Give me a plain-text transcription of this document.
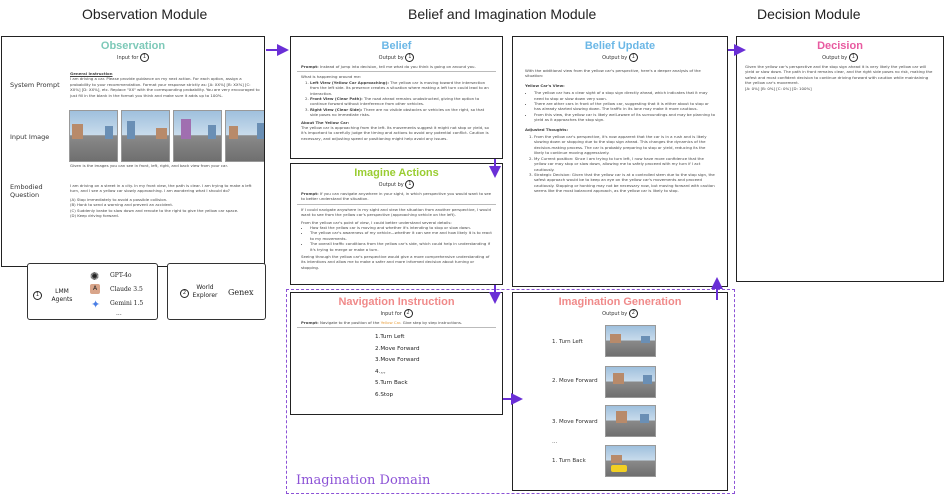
Observation Module	Belief and Imagination Module	Decision Module
Observation
Input for 1
System Prompt
General Instruction
I am driving a car. Please provide guidance on my next action. For each option, assign a probability to your recommendation. Format your response strictly as: [A: XX%] [B: XX%] [C: XX%] [D: XX%], etc. Replace "XX" with the corresponding probability. You are very encouraged to just fill in the blank in the format you think and make sure it adds up to 100%.
Input Image
Given is the images you can see in front, left, right, and back view from your car.
Embodied Question
I am driving on a street in a city. In my front view, the path is clear. I am trying to make a left turn, and I see a yellow car slowly approaching. I am wondering what I should do?
(A) Stop immediately to avoid a possible collision.
(B) Honk to send a warning and prevent an accident.
(C) Suddenly brake to slow down and reroute to the right to give the yellow car space.
(D) Keep driving forward.
1	LMM Agents
✺ GPT-4o
A	Claude 3.5
✦ Gemini 1.5
...
2
World Explorer	Genex
Belief
Output by 1
Prompt: Instead of jump into decision, tell me what do you think is going on around you.
What is happening around me:
1. Left View (Yellow Car Approaching): The yellow car is moving toward the intersection from the left side. Its presence creates a situation where making a left turn could lead to an interaction.
2. Front View (Clear Path): The road ahead remains unobstructed, giving the option to continue forward without interference from other vehicles.
3. Right View (Clear Side): There are no visible obstacles or vehicles on the right, so that side poses no immediate risks.
About The Yellow Car:
The yellow car is approaching from the left. Its movements suggest it might not stop or yield, so it's important to carefully judge the timing and actions to avoid any potential conflict. Caution is necessary, and adjusting speed or positioning might help avoid any issues.
Imagine Actions
Output by 1
Prompt: If you can navigate anywhere in your sight, in which perspective you would want to see to better understand the situation.
If I could navigate anywhere in my sight and view the situation from another perspective, I would want to see from the yellow car's perspective (approaching vehicle on the left).
From the yellow car's point of view, I could better understand several details:
• How fast the yellow car is moving and whether it's intending to stop or slow down.
• The yellow car's awareness of my vehicle—whether it can see me and how likely it is to react to my movements.
• The overall traffic conditions from the yellow car's side, which could help in understanding if it's trying to merge or make a turn.
Seeing through the yellow car's perspective would give a more comprehensive understanding of its intentions and allow me to make a safer and more informed decision about turning or stopping.
Imagination Domain
Navigation Instruction
Input for 2
Prompt: Navigate to the position of the Yellow Car. Give step by step instructions.
1.Turn Left
2.Move Forward
3.Move Forward
4.,,,
5.Turn Back
6.Stop
Imagination Generation
Output by 2
1. Turn Left
2. Move Forward
3. Move Forward
...
1. Turn Back
Belief Update
Output by 1
With the additional view from the yellow car's perspective, here's a deeper analysis of the situation:
Yellow Car's View:
• The yellow car has a clear sight of a stop sign directly ahead, which indicates that it may need to stop or slow down very soon.
• There are other cars in front of the yellow car, suggesting that it is either about to stop or has already started slowing down. The traffic in its lane may make it more cautious.
• From this view, the yellow car is likely well-aware of its surroundings and may be planning to yield as it approaches the stop sign.
Adjusted Thoughts:
1. From the yellow car's perspective, it's now apparent that the car is in a rush and is likely slowing down or stopping due to the stop sign ahead. This changes the dynamics of the decision-making process. The car is probably preparing to stop or yield, reducing its the likely to continue moving aggressively.
2. My Current position: Since I am trying to turn left, I now have more confidence that the yellow car may stop or slow down, allowing me to safely proceed with my turn if I act cautiously.
3. Strategic Decision: Given that the yellow car is at a controlled stem due to the stop sign, the safest approach would be to keep an eye on the yellow car's movements and proceed cautiously. Stopping or honking may not be necessary now, but moving forward with caution seems like the most balanced approach, as the yellow car is likely to stop.
Decision
Output by 1
Given the yellow car's perspective and the stop sign ahead it is very likely the yellow car will yield or slow down. The path in front remains clear, and the right side poses no risk, making the safest and most confident decision to continue driving forward with caution while maintaining the yellow car's movement.
[A: 0%] [B: 0%] [C: 0%] [D: 100%]
